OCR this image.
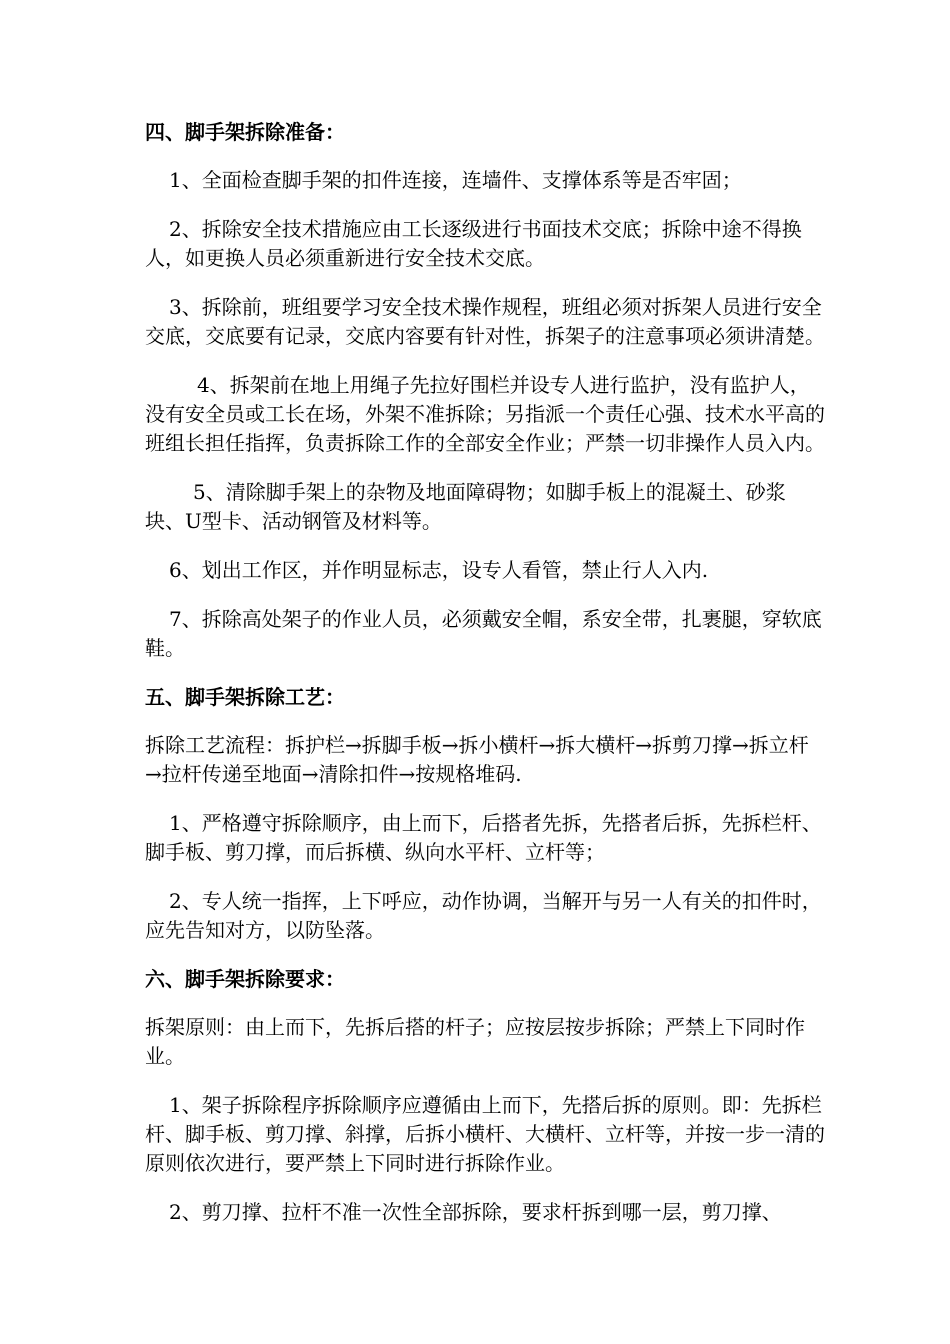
四、脚手架拆除准备：

1、全面检查脚手架的扣件连接，连墙件、支撑体系等是否牢固；

2、拆除安全技术措施应由工长逐级进行书面技术交底；拆除中途不得换人，如更换人员必须重新进行安全技术交底。

3、拆除前，班组要学习安全技术操作规程，班组必须对拆架人员进行安全交底，交底要有记录，交底内容要有针对性，拆架子的注意事项必须讲清楚。

4、拆架前在地上用绳子先拉好围栏并设专人进行监护，没有监护人，没有安全员或工长在场，外架不准拆除；另指派一个责任心强、技术水平高的班组长担任指挥，负责拆除工作的全部安全作业；严禁一切非操作人员入内。

5、清除脚手架上的杂物及地面障碍物；如脚手板上的混凝土、砂浆块、U型卡、活动钢管及材料等。

6、划出工作区，并作明显标志，设专人看管，禁止行人入内.

7、拆除高处架子的作业人员，必须戴安全帽，系安全带，扎裹腿，穿软底鞋。

五、脚手架拆除工艺：

拆除工艺流程：拆护栏→拆脚手板→拆小横杆→拆大横杆→拆剪刀撑→拆立杆→拉杆传递至地面→清除扣件→按规格堆码.

1、严格遵守拆除顺序，由上而下，后搭者先拆，先搭者后拆，先拆栏杆、脚手板、剪刀撑，而后拆横、纵向水平杆、立杆等；

2、专人统一指挥，上下呼应，动作协调，当解开与另一人有关的扣件时，应先告知对方，以防坠落。

六、脚手架拆除要求：

拆架原则：由上而下，先拆后搭的杆子；应按层按步拆除；严禁上下同时作业。

1、架子拆除程序拆除顺序应遵循由上而下，先搭后拆的原则。即：先拆栏杆、脚手板、剪刀撑、斜撑，后拆小横杆、大横杆、立杆等，并按一步一清的原则依次进行，要严禁上下同时进行拆除作业。

2、剪刀撑、拉杆不准一次性全部拆除，要求杆拆到哪一层，剪刀撑、
